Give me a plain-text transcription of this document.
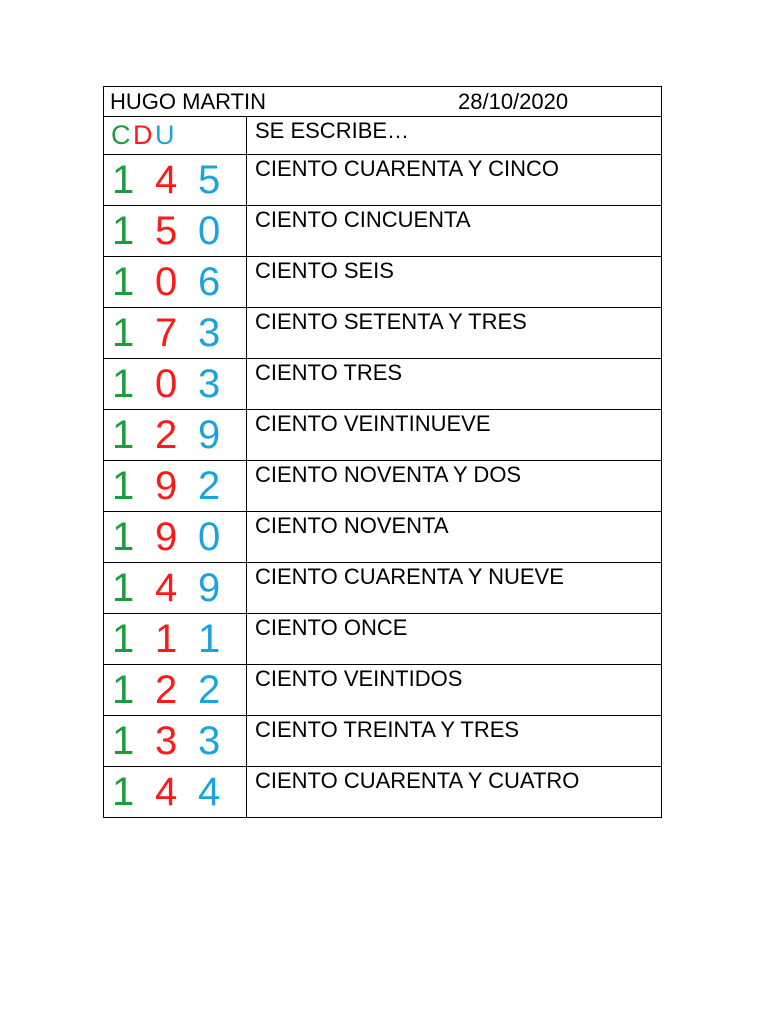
HUGO MARTIN 28/10/2020	

CDU	SE ESCRIBE…
1 4 5	CIENTO CUARENTA Y CINCO
1 5 0	CIENTO CINCUENTA
1 0 6	CIENTO SEIS
1 7 3	CIENTO SETENTA Y TRES
1 0 3	CIENTO TRES
1 2 9	CIENTO VEINTINUEVE
1 9 2	CIENTO NOVENTA Y DOS
1 9 0	CIENTO NOVENTA
1 4 9	CIENTO CUARENTA Y NUEVE
1 1 1	CIENTO ONCE
1 2 2	CIENTO VEINTIDOS
1 3 3	CIENTO TREINTA Y TRES
1 4 4	CIENTO CUARENTA Y CUATRO
